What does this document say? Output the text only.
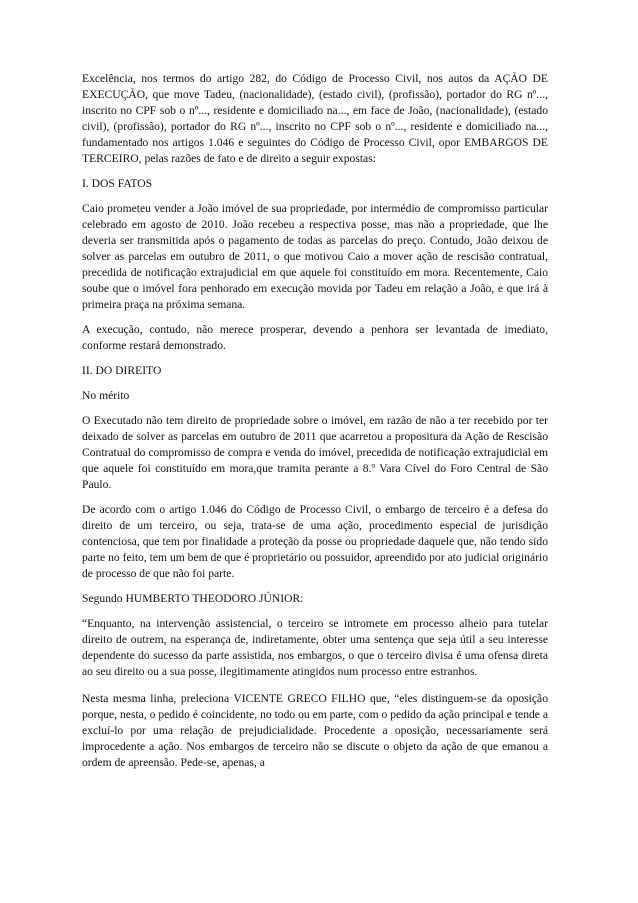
Excelência, nos termos do artigo 282, do Código de Processo Civil, nos autos da AÇÃO DE EXECUÇÃO, que move Tadeu, (nacionalidade), (estado civil), (profissão), portador do RG nº..., inscrito no CPF sob o nº..., residente e domiciliado na..., em face de João, (nacionalidade), (estado civil), (profissão), portador do RG nº..., inscrito no CPF sob o nº..., residente e domiciliado na..., fundamentado nos artigos 1.046 e seguintes do Código de Processo Civil, opor EMBARGOS DE TERCEIRO, pelas razões de fato e de direito a seguir expostas:

I. DOS FATOS

Caio prometeu vender a João imóvel de sua propriedade, por intermédio de compromisso particular celebrado em agosto de 2010. João recebeu a respectiva posse, mas não a propriedade, que lhe deveria ser transmitida após o pagamento de todas as parcelas do preço. Contudo, João deixou de solver as parcelas em outubro de 2011, o que motivou Caio a mover ação de rescisão contratual, precedida de notificação extrajudicial em que aquele foi constituído em mora. Recentemente, Caio soube que o imóvel fora penhorado em execução movida por Tadeu em relação a João, e que irá à primeira praça na próxima semana.

A execução, contudo, não merece prosperar, devendo a penhora ser levantada de imediato, conforme restará demonstrado.

II. DO DIREITO

No mérito

O Executado não tem direito de propriedade sobre o imóvel, em razão de não a ter recebido por ter deixado de solver as parcelas em outubro de 2011 que acarretou a propositura da Ação de Rescisão Contratual do compromisso de compra e venda do imóvel, precedida de notificação extrajudicial em que aquele foi constituído em mora,que tramita perante a 8.º Vara Cível do Foro Central de São Paulo.

De acordo com o artigo 1.046 do Código de Processo Civil, o embargo de terceiro é a defesa do direito de um terceiro, ou seja, trata-se de uma ação, procedimento especial de jurisdição contenciosa, que tem por finalidade a proteção da posse ou propriedade daquele que, não tendo sido parte no feito, tem um bem de que é proprietário ou possuidor, apreendido por ato judicial originário de processo de que não foi parte.

Segundo HUMBERTO THEODORO JÚNIOR:

“Enquanto, na intervenção assistencial, o terceiro se intromete em processo alheio para tutelar direito de outrem, na esperança de, indiretamente, obter uma sentença que seja útil a seu interesse dependente do sucesso da parte assistida, nos embargos, o que o terceiro divisa é uma ofensa direta ao seu direito ou a sua posse, ilegitimamente atingidos num processo entre estranhos.

Nesta mesma linha, preleciona VICENTE GRECO FILHO que, “eles distinguem-se da oposição porque, nesta, o pedido é coincidente, no todo ou em parte, com o pedido da ação principal e tende a excluí-lo por uma relação de prejudicialidade. Procedente a oposição, necessariamente será improcedente a ação. Nos embargos de terceiro não se discute o objeto da ação de que emanou a ordem de apreensão. Pede-se, apenas, a
